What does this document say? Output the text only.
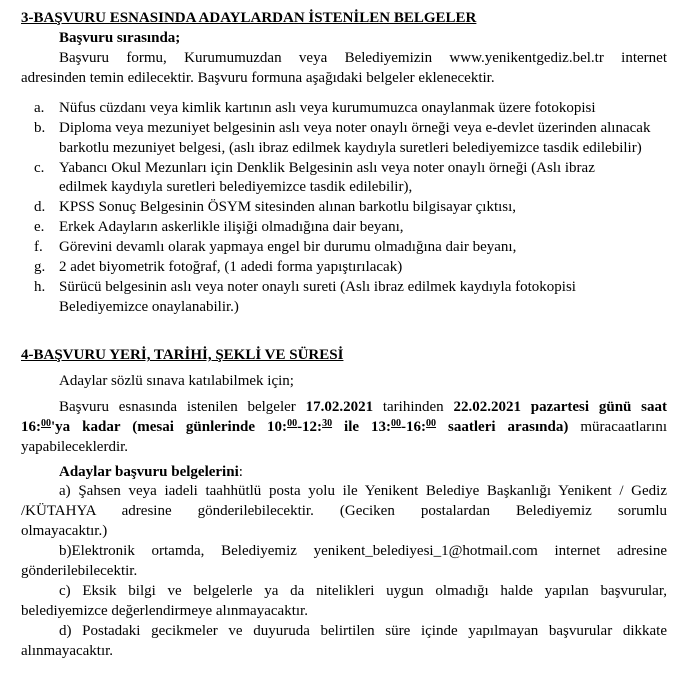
3-BAŞVURU ESNASINDA ADAYLARDAN İSTENİLEN BELGELER
Başvuru sırasında;
Başvuru formu, Kurumumuzdan veya Belediyemizin www.yenikentgediz.bel.tr internet
adresinden temin edilecektir. Başvuru formuna aşağıdaki belgeler eklenecektir.
a. Nüfus cüzdanı veya kimlik kartının aslı veya kurumumuzca onaylanmak üzere fotokopisi
b. Diploma veya mezuniyet belgesinin aslı veya noter onaylı örneği veya e-devlet üzerinden alınacak
barkotlu mezuniyet belgesi, (aslı ibraz edilmek kaydıyla suretleri belediyemizce tasdik edilebilir)
c. Yabancı Okul Mezunları için Denklik Belgesinin aslı veya noter onaylı örneği (Aslı ibraz
edilmek kaydıyla suretleri belediyemizce tasdik edilebilir),
d. KPSS Sonuç Belgesinin ÖSYM sitesinden alınan barkotlu bilgisayar çıktısı,
e. Erkek Adayların askerlikle ilişiği olmadığına dair beyanı,
f. Görevini devamlı olarak yapmaya engel bir durumu olmadığına dair beyanı,
g. 2 adet biyometrik fotoğraf, (1 adedi forma yapıştırılacak)
h. Sürücü belgesinin aslı veya noter onaylı sureti (Aslı ibraz edilmek kaydıyla fotokopisi
Belediyemizce onaylanabilir.)
4-BAŞVURU YERİ, TARİHİ, ŞEKLİ VE SÜRESİ
Adaylar sözlü sınava katılabilmek için;
Başvuru esnasında istenilen belgeler 17.02.2021 tarihinden 22.02.2021 pazartesi günü saat
16:$^{00}$'ya kadar (mesai günlerinde 10:$^{00}$-12:$^{30}$ ile 13:$^{00}$-16:$^{00}$ saatleri arasında) müracaatlarını
yapabileceklerdir.
Adaylar başvuru belgelerini:
a) Şahsen veya iadeli taahhütlü posta yolu ile Yenikent Belediye Başkanlığı Yenikent / Gediz
/KÜTAHYA adresine gönderilebilecektir. (Geciken postalardan Belediyemiz sorumlu
olmayacaktır.)
b)Elektronik ortamda, Belediyemiz yenikent_belediyesi_1@hotmail.com internet adresine
gönderilebilecektir.
c) Eksik bilgi ve belgelerle ya da nitelikleri uygun olmadığı halde yapılan başvurular,
belediyemizce değerlendirmeye alınmayacaktır.
d) Postadaki gecikmeler ve duyuruda belirtilen süre içinde yapılmayan başvurular dikkate
alınmayacaktır.
